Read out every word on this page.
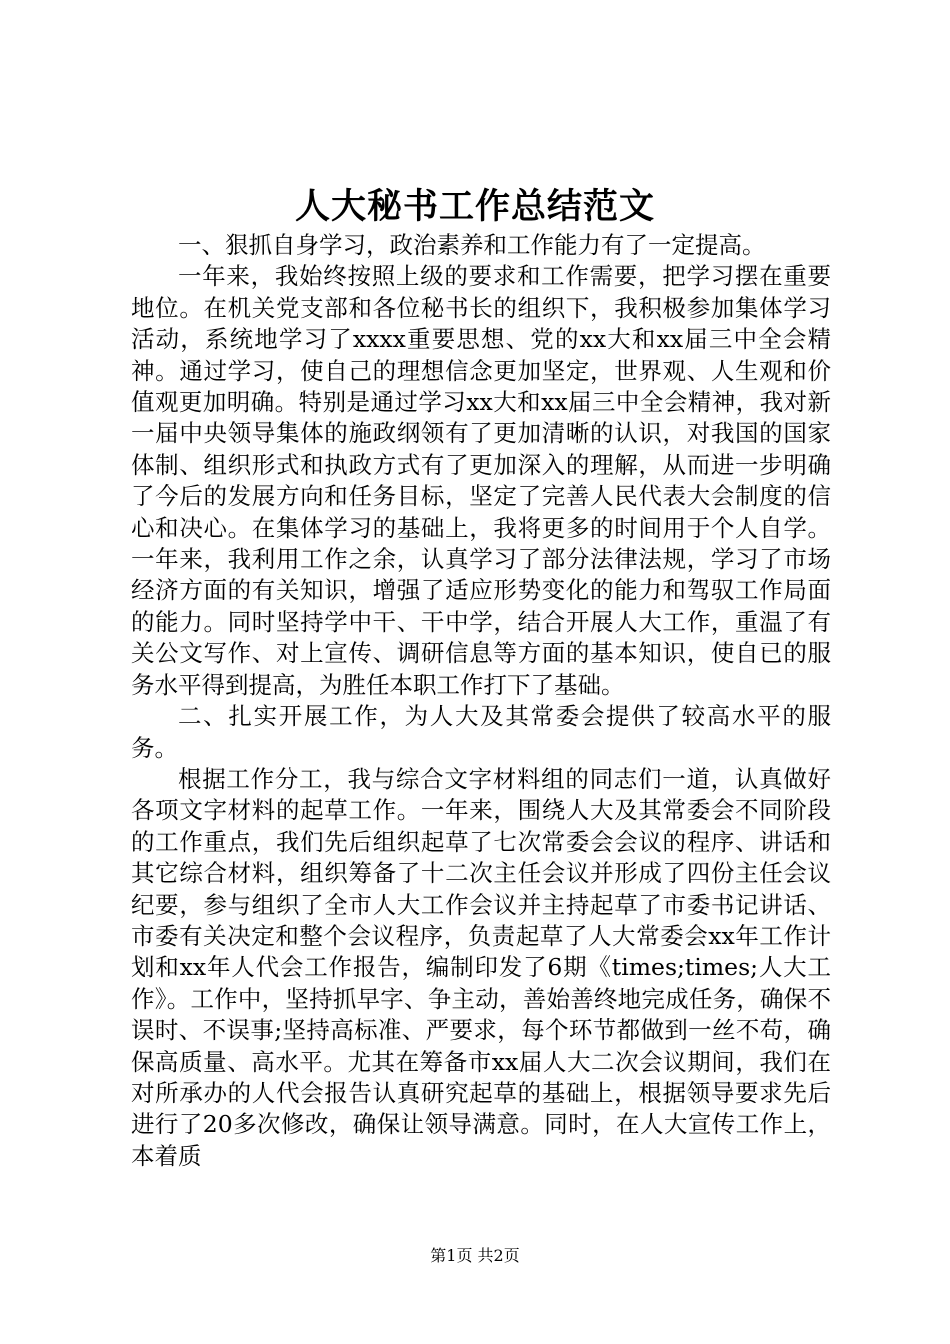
人大秘书工作总结范文

一、狠抓自身学习，政治素养和工作能力有了一定提高。

一年来，我始终按照上级的要求和工作需要，把学习摆在重要地位。在机关党支部和各位秘书长的组织下，我积极参加集体学习活动，系统地学习了xxxx重要思想、党的xx大和xx届三中全会精神。通过学习，使自己的理想信念更加坚定，世界观、人生观和价值观更加明确。特别是通过学习xx大和xx届三中全会精神，我对新一届中央领导集体的施政纲领有了更加清晰的认识，对我国的国家体制、组织形式和执政方式有了更加深入的理解，从而进一步明确了今后的发展方向和任务目标，坚定了完善人民代表大会制度的信心和决心。在集体学习的基础上，我将更多的时间用于个人自学。一年来，我利用工作之余，认真学习了部分法律法规，学习了市场经济方面的有关知识，增强了适应形势变化的能力和驾驭工作局面的能力。同时坚持学中干、干中学，结合开展人大工作，重温了有关公文写作、对上宣传、调研信息等方面的基本知识，使自已的服务水平得到提高，为胜任本职工作打下了基础。

二、扎实开展工作，为人大及其常委会提供了较高水平的服务。

根据工作分工，我与综合文字材料组的同志们一道，认真做好各项文字材料的起草工作。一年来，围绕人大及其常委会不同阶段的工作重点，我们先后组织起草了七次常委会会议的程序、讲话和其它综合材料，组织筹备了十二次主任会议并形成了四份主任会议纪要，参与组织了全市人大工作会议并主持起草了市委书记讲话、市委有关决定和整个会议程序，负责起草了人大常委会xx年工作计划和xx年人代会工作报告，编制印发了6期《times;times;人大工作》。工作中，坚持抓早字、争主动，善始善终地完成任务，确保不误时、不误事;坚持高标准、严要求，每个环节都做到一丝不苟，确保高质量、高水平。尤其在筹备市xx届人大二次会议期间，我们在对所承办的人代会报告认真研究起草的基础上，根据领导要求先后进行了20多次修改，确保让领导满意。同时，在人大宣传工作上，本着质

第1页 共2页
